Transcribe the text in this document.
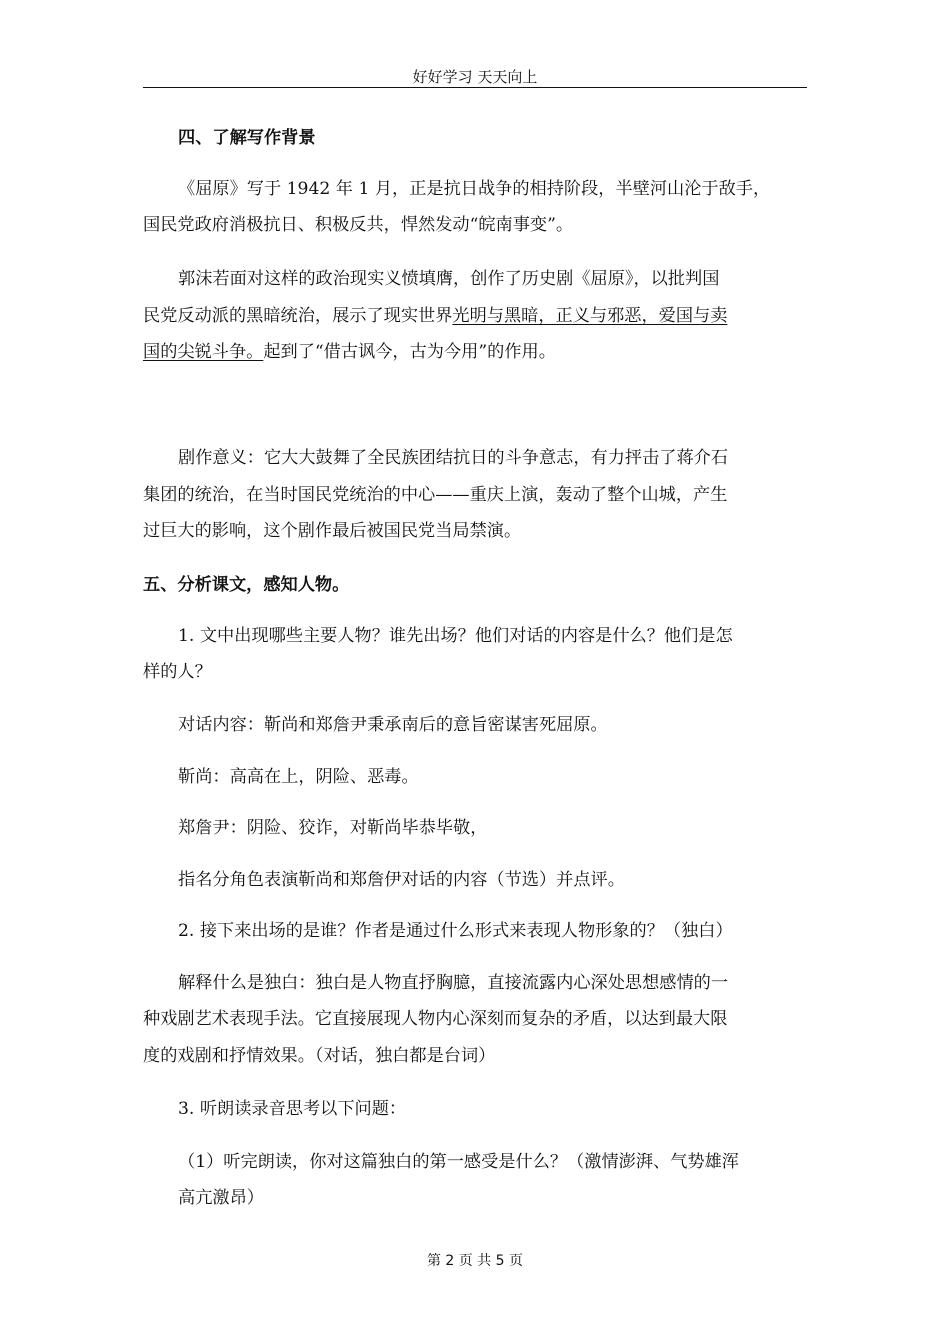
好好学习 天天向上
四、了解写作背景
《屈原》写于 1942 年 1 月，正是抗日战争的相持阶段，半壁河山沦于敌手，
国民党政府消极抗日、积极反共，悍然发动“皖南事变”。
郭沫若面对这样的政治现实义愤填膺，创作了历史剧《屈原》，以批判国
民党反动派的黑暗统治，展示了现实世界光明与黑暗，正义与邪恶，爱国与卖
国的尖锐斗争。起到了“借古讽今，古为今用”的作用。
剧作意义：它大大鼓舞了全民族团结抗日的斗争意志，有力抨击了蒋介石
集团的统治，在当时国民党统治的中心——重庆上演，轰动了整个山城，产生
过巨大的影响，这个剧作最后被国民党当局禁演。
五、分析课文，感知人物。
1. 文中出现哪些主要人物？谁先出场？他们对话的内容是什么？他们是怎
样的人？
对话内容：靳尚和郑詹尹秉承南后的意旨密谋害死屈原。
靳尚：高高在上，阴险、恶毒。
郑詹尹：阴险、狡诈，对靳尚毕恭毕敬，
指名分角色表演靳尚和郑詹伊对话的内容（节选）并点评。
2. 接下来出场的是谁？作者是通过什么形式来表现人物形象的？（独白）
解释什么是独白：独白是人物直抒胸臆，直接流露内心深处思想感情的一
种戏剧艺术表现手法。它直接展现人物内心深刻而复杂的矛盾，以达到最大限
度的戏剧和抒情效果。（对话，独白都是台词）
3. 听朗读录音思考以下问题：
（1）听完朗读，你对这篇独白的第一感受是什么？（激情澎湃、气势雄浑
高亢激昂）
第 2 页 共 5 页
